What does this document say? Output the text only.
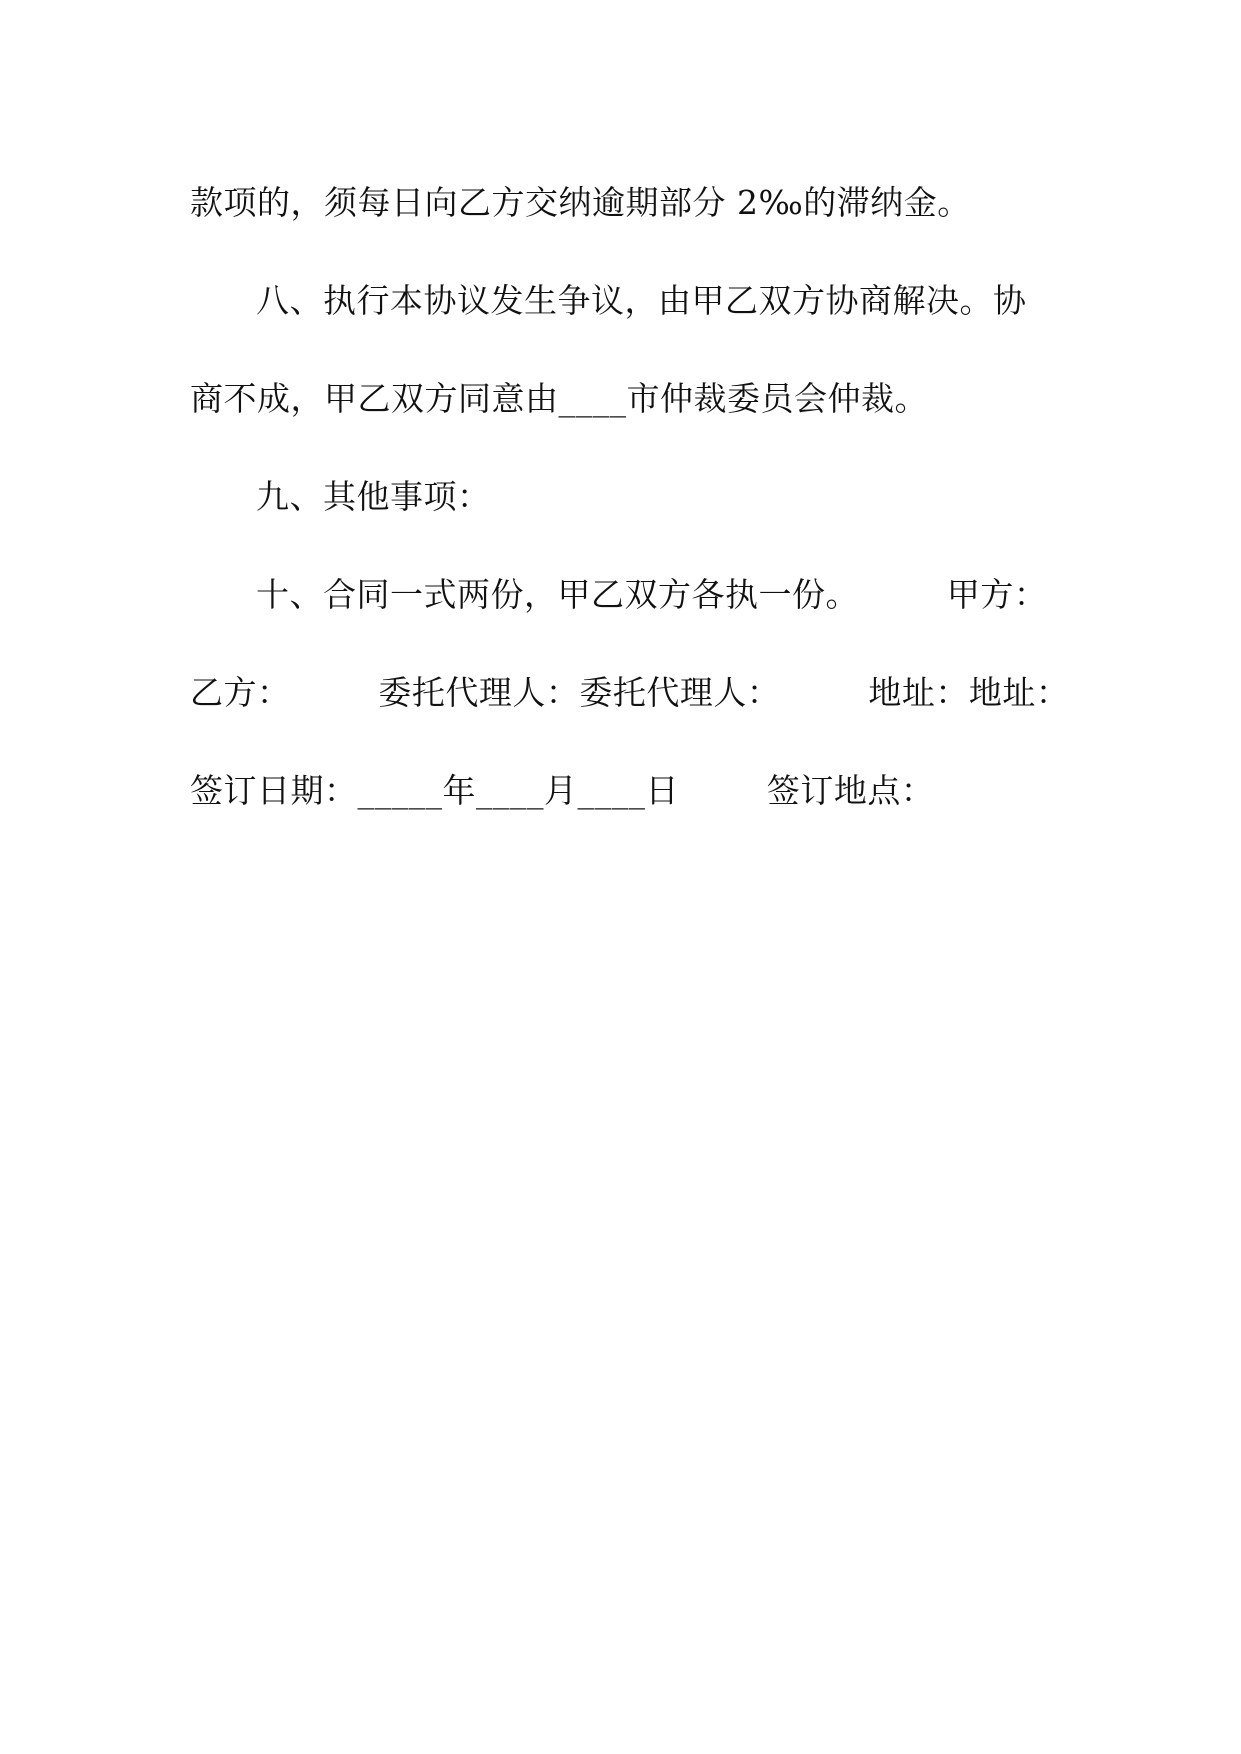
款项的，须每日向乙方交纳逾期部分 2‰的滞纳金。
八、执行本协议发生争议，由甲乙双方协商解决。协
商不成，甲乙双方同意由____市仲裁委员会仲裁。
九、其他事项：
十、合同一式两份，甲乙双方各执一份。        甲方：
乙方：        委托代理人：委托代理人：        地址：地址：
签订日期：_____年____月____日        签订地点：
